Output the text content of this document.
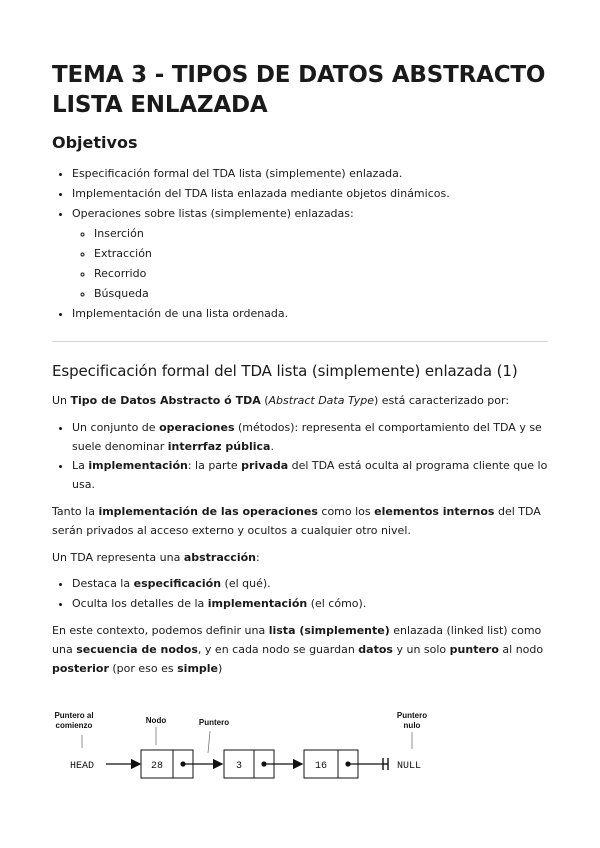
TEMA 3 - TIPOS DE DATOS ABSTRACTO LISTA ENLAZADA
Objetivos
• Especificación formal del TDA lista (simplemente) enlazada.
• Implementación del TDA lista enlazada mediante objetos dinámicos.
• Operaciones sobre listas (simplemente) enlazadas:
◦ Inserción
◦ Extracción
◦ Recorrido
◦ Búsqueda
• Implementación de una lista ordenada.
Especificación formal del TDA lista (simplemente) enlazada (1)

Un Tipo de Datos Abstracto ó TDA (Abstract Data Type) está caracterizado por:

• Un conjunto de operaciones (métodos): representa el comportamiento del TDA y se suele denominar interrfaz pública.
• La implementación: la parte privada del TDA está oculta al programa cliente que lo usa.

Tanto la implementación de las operaciones como los elementos internos del TDA serán privados al acceso externo y ocultos a cualquier otro nivel.

Un TDA representa una abstracción:

• Destaca la especificación (el qué).
• Oculta los detalles de la implementación (el cómo).

En este contexto, podemos definir una lista (simplemente) enlazada (linked list) como una secuencia de nodos, y en cada nodo se guardan datos y un solo puntero al nodo posterior (por eso es simple)

Puntero al
comienzo
Nodo	Puntero
Puntero
nulo
HEAD	28	3	16	NULL
